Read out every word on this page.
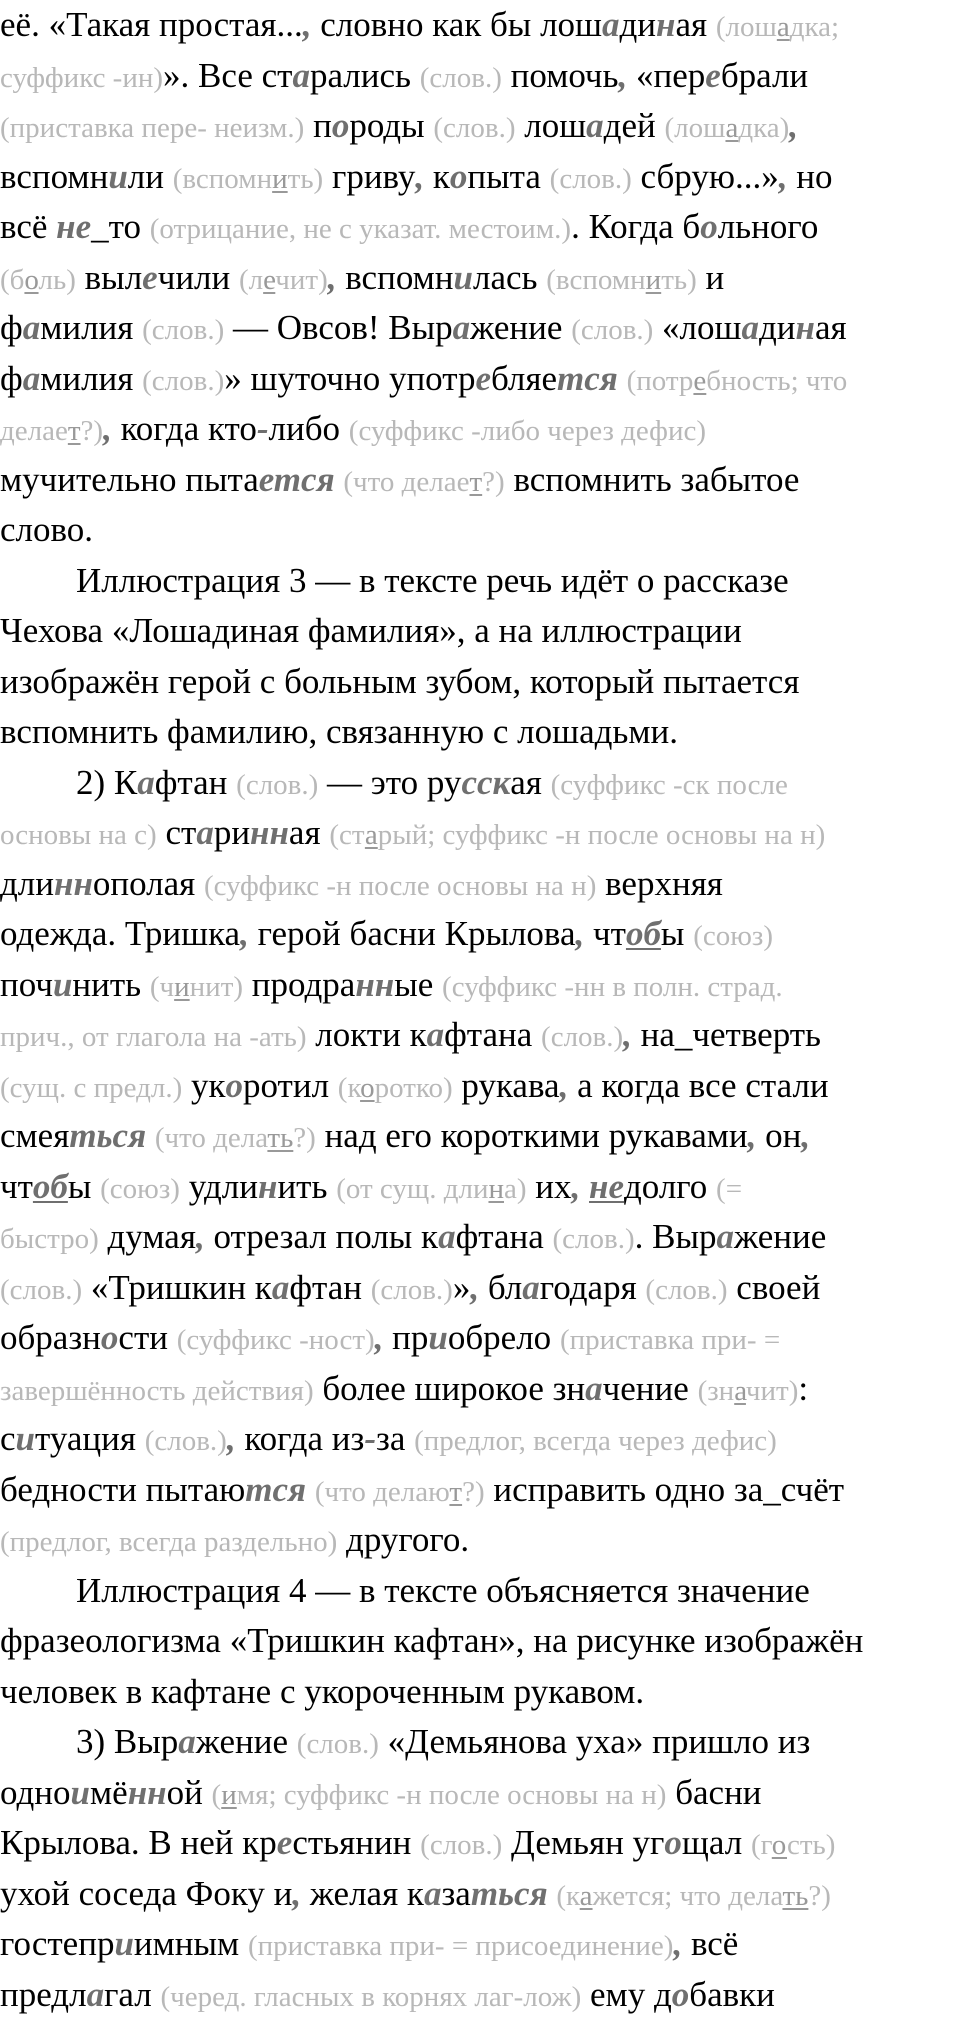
её. «Такая простая..., словно как бы лошадиная (лошадка;
суффикс -ин)». Все старались (слов.) помочь, «перебрали
(приставка пере- неизм.) породы (слов.) лошадей (лошадка),
вспомнили (вспомнить) гриву, копыта (слов.) сбрую...», но
всё не_то (отрицание, не с указат. местоим.). Когда больного
(боль) вылечили (лечит), вспомнилась (вспомнить) и
фамилия (слов.) — Овсов! Выражение (слов.) «лошадиная
фамилия (слов.)» шуточно употребляется (потребность; что
делает?), когда кто-либо (суффикс -либо через дефис)
мучительно пытается (что делает?) вспомнить забытое
слово.
Иллюстрация 3 — в тексте речь идёт о рассказе
Чехова «Лошадиная фамилия», а на иллюстрации
изображён герой с больным зубом, который пытается
вспомнить фамилию, связанную с лошадьми.
2) Кафтан (слов.) — это русская (суффикс -ск после
основы на с) старинная (старый; суффикс -н после основы на н)
длиннополая (суффикс -н после основы на н) верхняя
одежда. Тришка, герой басни Крылова, чтобы (союз)
починить (чинит) продранные (суффикс -нн в полн. страд.
прич., от глагола на -ать) локти кафтана (слов.), на_четверть
(сущ. с предл.) укоротил (коротко) рукава, а когда все стали
смеяться (что делать?) над его короткими рукавами, он,
чтобы (союз) удлинить (от сущ. длина) их, недолго (=
быстро) думая, отрезал полы кафтана (слов.). Выражение
(слов.) «Тришкин кафтан (слов.)», благодаря (слов.) своей
образности (суффикс -ност), приобрело (приставка при- =
завершённость действия) более широкое значение (значит):
ситуация (слов.), когда из-за (предлог, всегда через дефис)
бедности пытаются (что делают?) исправить одно за_счёт
(предлог, всегда раздельно) другого.
Иллюстрация 4 — в тексте объясняется значение
фразеологизма «Тришкин кафтан», на рисунке изображён
человек в кафтане с укороченным рукавом.
3) Выражение (слов.) «Демьянова уха» пришло из
одноимённой (имя; суффикс -н после основы на н) басни
Крылова. В ней крестьянин (слов.) Демьян угощал (гость)
ухой соседа Фоку и, желая казаться (кажется; что делать?)
гостеприимным (приставка при- = присоединение), всё
предлагал (черед. гласных в корнях лаг-лож) ему добавки
